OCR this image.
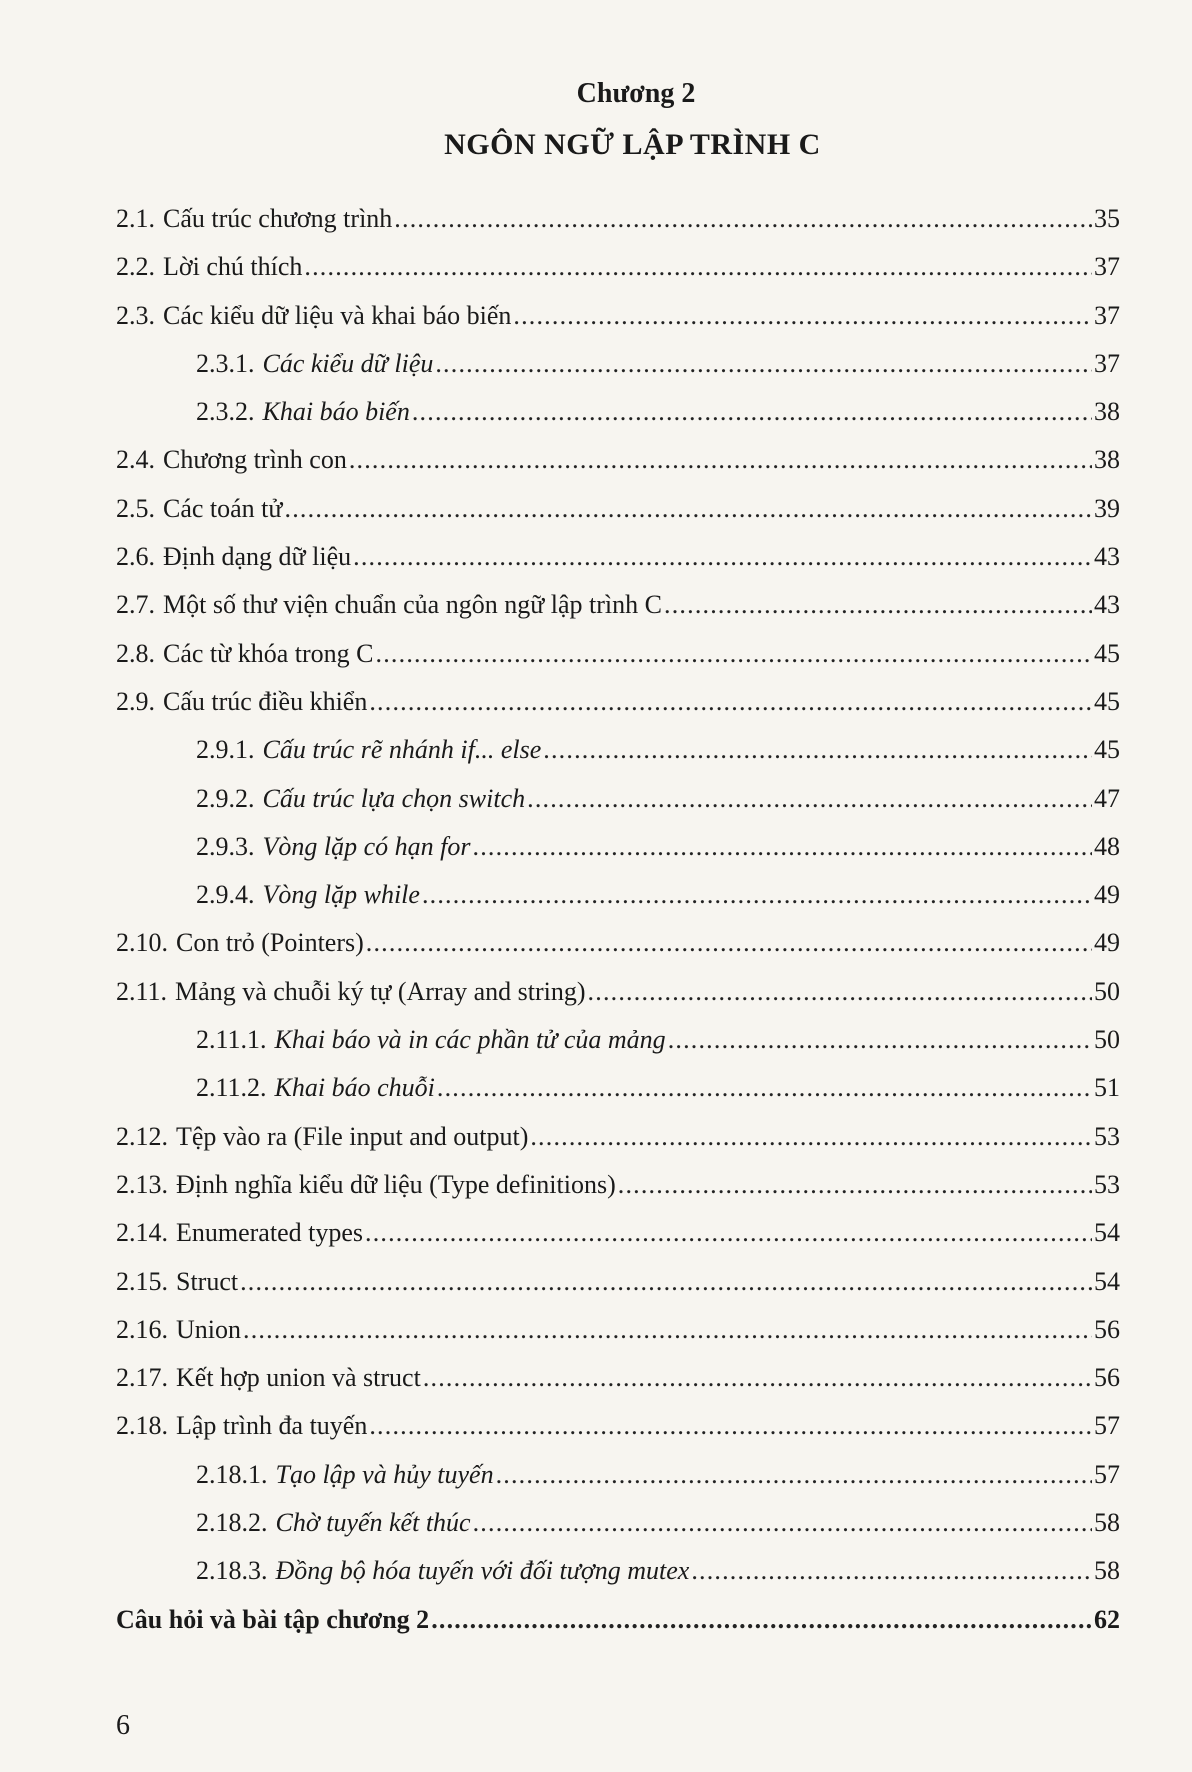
Chương 2
NGÔN NGỮ LẬP TRÌNH C
2.1. Cấu trúc chương trình .....	35
2.2. Lời chú thích .....	37
2.3. Các kiểu dữ liệu và khai báo biến .....	37
2.3.1. Các kiểu dữ liệu .....	37
2.3.2. Khai báo biến .....	38
2.4. Chương trình con .....	38
2.5. Các toán tử .....	39
2.6. Định dạng dữ liệu .....	43
2.7. Một số thư viện chuẩn của ngôn ngữ lập trình C .....	43
2.8. Các từ khóa trong C .....	45
2.9. Cấu trúc điều khiển .....	45
2.9.1. Cấu trúc rẽ nhánh if... else .....	45
2.9.2. Cấu trúc lựa chọn switch .....	47
2.9.3. Vòng lặp có hạn for .....	48
2.9.4. Vòng lặp while .....	49
2.10. Con trỏ (Pointers) .....	49
2.11. Mảng và chuỗi ký tự (Array and string) .....	50
2.11.1. Khai báo và in các phần tử của mảng .....	50
2.11.2. Khai báo chuỗi .....	51
2.12. Tệp vào ra (File input and output) .....	53
2.13. Định nghĩa kiểu dữ liệu (Type definitions) .....	53
2.14. Enumerated types .....	54
2.15. Struct .....	54
2.16. Union .....	56
2.17. Kết hợp union và struct .....	56
2.18. Lập trình đa tuyến .....	57
2.18.1. Tạo lập và hủy tuyến .....	57
2.18.2. Chờ tuyến kết thúc .....	58
2.18.3. Đồng bộ hóa tuyến với đối tượng mutex .....	58
Câu hỏi và bài tập chương 2 .....	62
6
